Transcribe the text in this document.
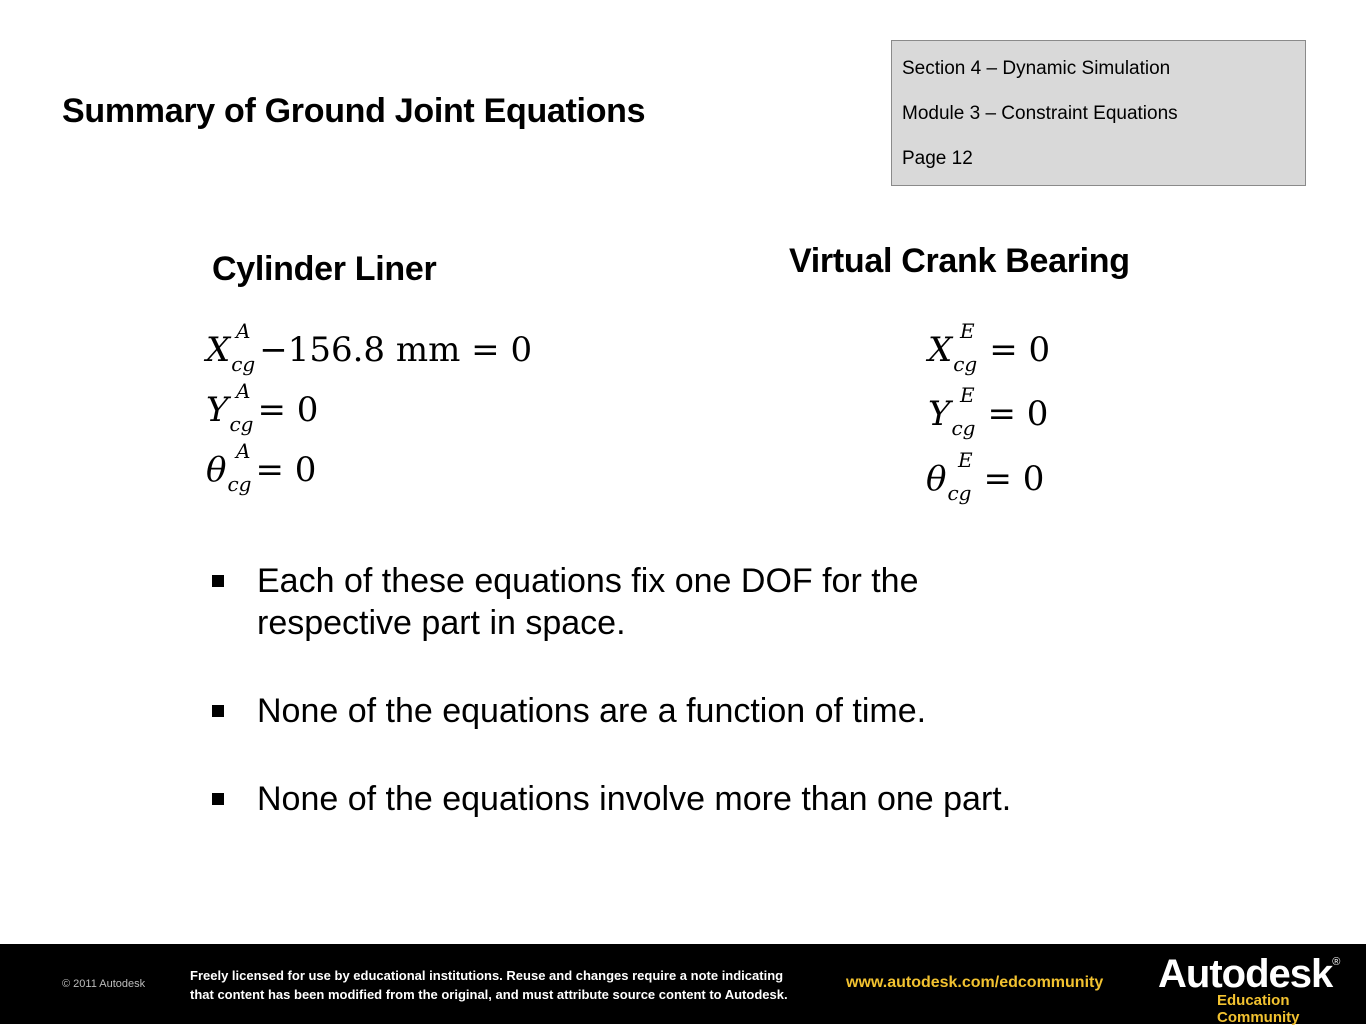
Summary of Ground Joint Equations
Section 4 – Dynamic Simulation
Module 3 – Constraint Equations
Page 12
Cylinder Liner	Virtual Crank Bearing
$X_{cg}$
A −156.8 mm = 0
$Y_{cg}$
A = 0
$\theta_{cg}$
A = 0
$X_{cg}$
E = 0
$Y_{cg}$
E = 0
$\theta_{cg}$
E = 0
Each of these equations fix one DOF for the respective part in space.
None of the equations are a function of time.
None of the equations involve more than one part.
© 2011 Autodesk
Freely licensed for use by educational institutions. Reuse and changes require a note indicating
that content has been modified from the original, and must attribute source content to Autodesk.
www.autodesk.com/edcommunity Autodesk®
Education Community
